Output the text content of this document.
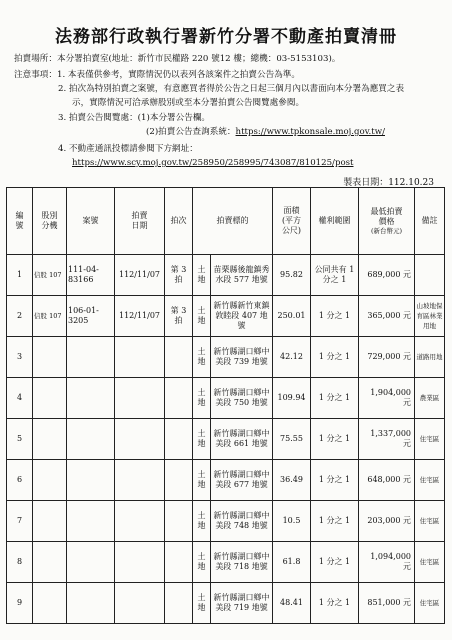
法務部行政執行署新竹分署不動產拍賣清冊
拍賣場所：本分署拍賣室(地址：新竹市民權路 220 號12 樓；總機：03-5153103)。
注意事項：1. 本表僅供參考，實際情況仍以表列各該案件之拍賣公告為準。
2. 拍次為特別拍賣之案號，有意應買者得於公告之日起三個月內以書面向本分署為應買之表
示，實際情況可洽承辦股別或至本分署拍賣公告閱覽處參閱。
3. 拍賣公告閱覽處：(1)本分署公告欄。
(2)拍賣公告查詢系統：https://www.tpkonsale.moj.gov.tw/
4. 不動產通訊投標請參閱下方網址：
https://www.scy.moj.gov.tw/258950/258995/743087/810125/post
製表日期：112.10.23
編號	股別分機	案號	拍賣日期	拍次	拍賣標的		面積(平方公尺)	權利範圍	最低拍賣價格
(新台幣元)	備註
1	信股 107	111-04-83166	112/11/07	第 3 拍	土地	苗栗縣後龍鎮秀水段 577 地號	95.82	公同共有 1 分之 1	689,000 元	
2	信股 107	106-01-3205	112/11/07	第 3 拍	土地	新竹縣新竹東鎮敦睦段 407 地號	250.01	1 分之 1	365,000 元	山坡地保育區林業用地
3					土地	新竹縣湖口鄉中美段 739 地號	42.12	1 分之 1	729,000 元	道路用地
4					土地	新竹縣湖口鄉中美段 750 地號	109.94	1 分之 1	1,904,000 元	農業區
5					土地	新竹縣湖口鄉中美段 661 地號	75.55	1 分之 1	1,337,000 元	住宅區
6					土地	新竹縣湖口鄉中美段 677 地號	36.49	1 分之 1	648,000 元	住宅區
7					土地	新竹縣湖口鄉中美段 748 地號	10.5	1 分之 1	203,000 元	住宅區
8					土地	新竹縣湖口鄉中美段 718 地號	61.8	1 分之 1	1,094,000 元	住宅區
9					土地	新竹縣湖口鄉中美段 719 地號	48.41	1 分之 1	851,000 元	住宅區
